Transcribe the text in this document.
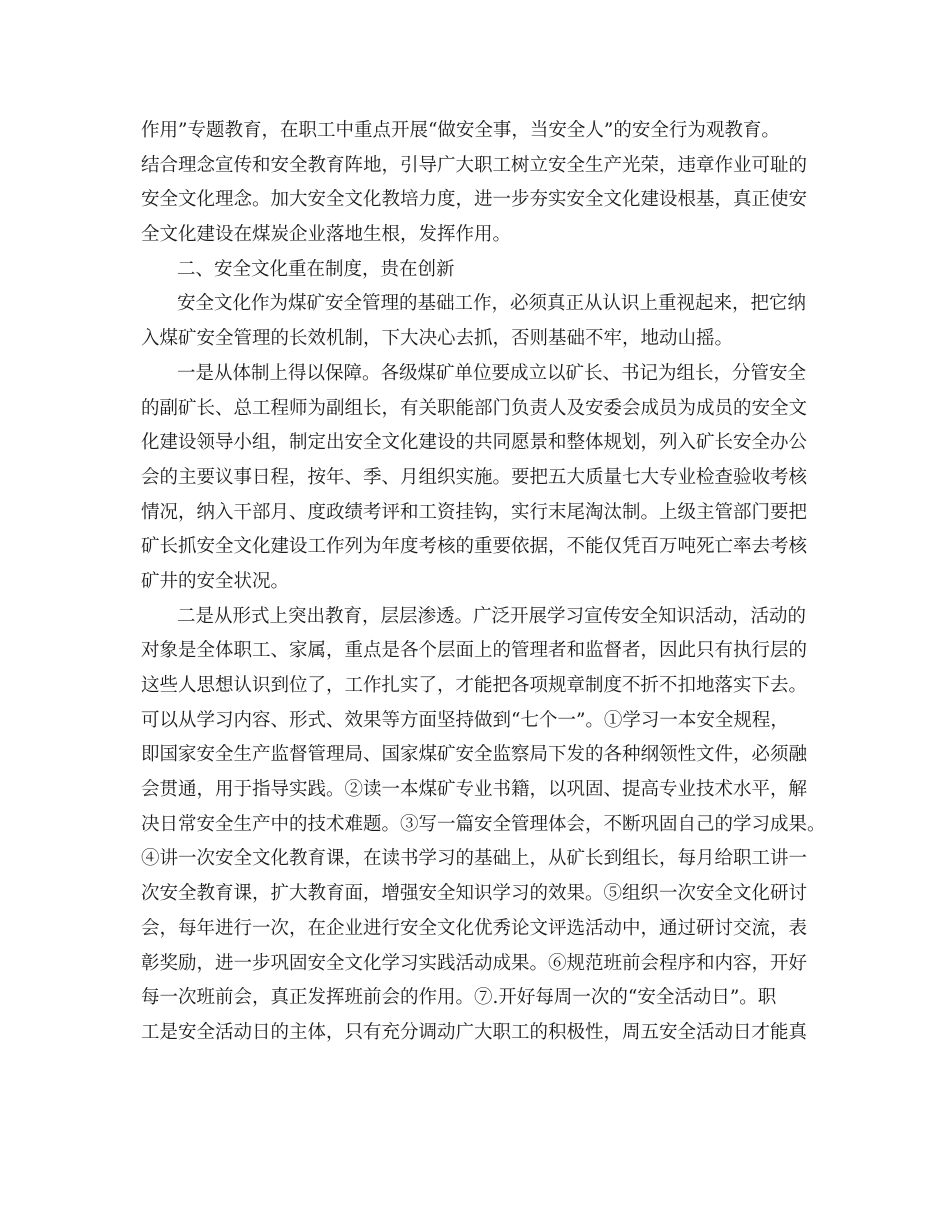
作用”专题教育，在职工中重点开展“做安全事，当安全人”的安全行为观教育。
结合理念宣传和安全教育阵地，引导广大职工树立安全生产光荣，违章作业可耻的
安全文化理念。加大安全文化教培力度，进一步夯实安全文化建设根基，真正使安
全文化建设在煤炭企业落地生根，发挥作用。
二、安全文化重在制度，贵在创新
安全文化作为煤矿安全管理的基础工作，必须真正从认识上重视起来，把它纳
入煤矿安全管理的长效机制，下大决心去抓，否则基础不牢，地动山摇。
一是从体制上得以保障。各级煤矿单位要成立以矿长、书记为组长，分管安全
的副矿长、总工程师为副组长，有关职能部门负责人及安委会成员为成员的安全文
化建设领导小组，制定出安全文化建设的共同愿景和整体规划，列入矿长安全办公
会的主要议事日程，按年、季、月组织实施。要把五大质量七大专业检查验收考核
情况，纳入干部月、度政绩考评和工资挂钩，实行末尾淘汰制。上级主管部门要把
矿长抓安全文化建设工作列为年度考核的重要依据，不能仅凭百万吨死亡率去考核
矿井的安全状况。
二是从形式上突出教育，层层渗透。广泛开展学习宣传安全知识活动，活动的
对象是全体职工、家属，重点是各个层面上的管理者和监督者，因此只有执行层的
这些人思想认识到位了，工作扎实了，才能把各项规章制度不折不扣地落实下去。
可以从学习内容、形式、效果等方面坚持做到“七个一”。①学习一本安全规程，
即国家安全生产监督管理局、国家煤矿安全监察局下发的各种纲领性文件，必须融
会贯通，用于指导实践。②读一本煤矿专业书籍，以巩固、提高专业技术水平，解
决日常安全生产中的技术难题。③写一篇安全管理体会，不断巩固自己的学习成果。
④讲一次安全文化教育课，在读书学习的基础上，从矿长到组长，每月给职工讲一
次安全教育课，扩大教育面，增强安全知识学习的效果。⑤组织一次安全文化研讨
会，每年进行一次，在企业进行安全文化优秀论文评选活动中，通过研讨交流，表
彰奖励，进一步巩固安全文化学习实践活动成果。⑥规范班前会程序和内容，开好
每一次班前会，真正发挥班前会的作用。⑦.开好每周一次的“安全活动日”。职
工是安全活动日的主体，只有充分调动广大职工的积极性，周五安全活动日才能真
